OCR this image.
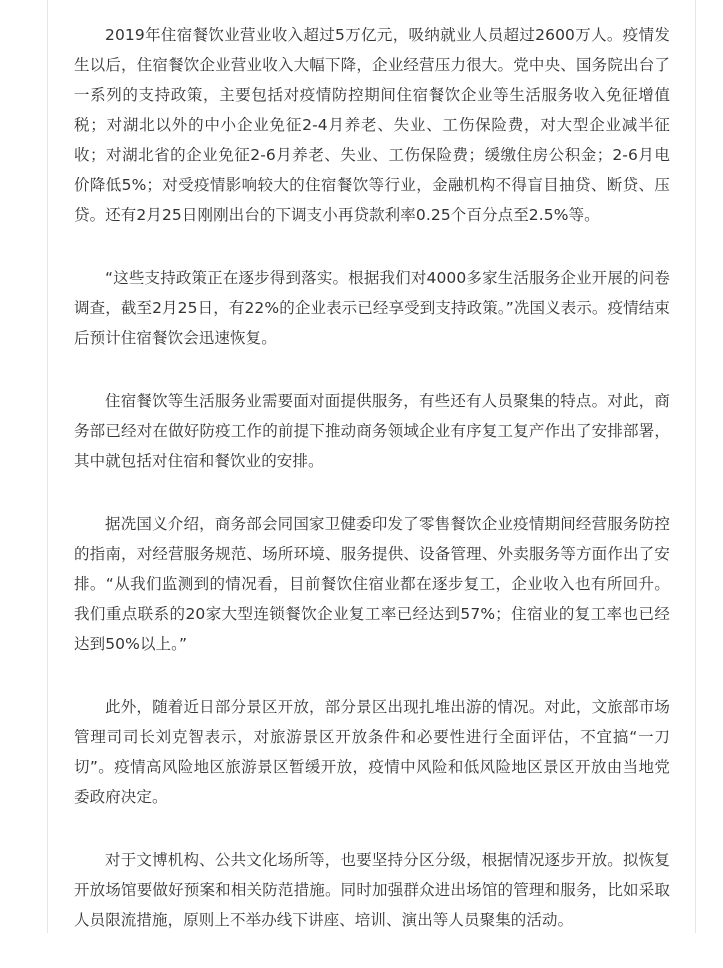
2019年住宿餐饮业营业收入超过5万亿元，吸纳就业人员超过2600万人。疫情发生以后，住宿餐饮企业营业收入大幅下降，企业经营压力很大。党中央、国务院出台了一系列的支持政策，主要包括对疫情防控期间住宿餐饮企业等生活服务收入免征增值税；对湖北以外的中小企业免征2-4月养老、失业、工伤保险费，对大型企业减半征收；对湖北省的企业免征2-6月养老、失业、工伤保险费；缓缴住房公积金；2-6月电价降低5%；对受疫情影响较大的住宿餐饮等行业，金融机构不得盲目抽贷、断贷、压贷。还有2月25日刚刚出台的下调支小再贷款利率0.25个百分点至2.5%等。

“这些支持政策正在逐步得到落实。根据我们对4000多家生活服务企业开展的问卷调查，截至2月25日，有22%的企业表示已经享受到支持政策。”冼国义表示。疫情结束后预计住宿餐饮会迅速恢复。

住宿餐饮等生活服务业需要面对面提供服务，有些还有人员聚集的特点。对此，商务部已经对在做好防疫工作的前提下推动商务领域企业有序复工复产作出了安排部署，其中就包括对住宿和餐饮业的安排。

据冼国义介绍，商务部会同国家卫健委印发了零售餐饮企业疫情期间经营服务防控的指南，对经营服务规范、场所环境、服务提供、设备管理、外卖服务等方面作出了安排。“从我们监测到的情况看，目前餐饮住宿业都在逐步复工，企业收入也有所回升。我们重点联系的20家大型连锁餐饮企业复工率已经达到57%；住宿业的复工率也已经达到50%以上。”

此外，随着近日部分景区开放，部分景区出现扎堆出游的情况。对此，文旅部市场管理司司长刘克智表示，对旅游景区开放条件和必要性进行全面评估，不宜搞“一刀切”。疫情高风险地区旅游景区暂缓开放，疫情中风险和低风险地区景区开放由当地党委政府决定。

对于文博机构、公共文化场所等，也要坚持分区分级，根据情况逐步开放。拟恢复开放场馆要做好预案和相关防范措施。同时加强群众进出场馆的管理和服务，比如采取人员限流措施，原则上不举办线下讲座、培训、演出等人员聚集的活动。
